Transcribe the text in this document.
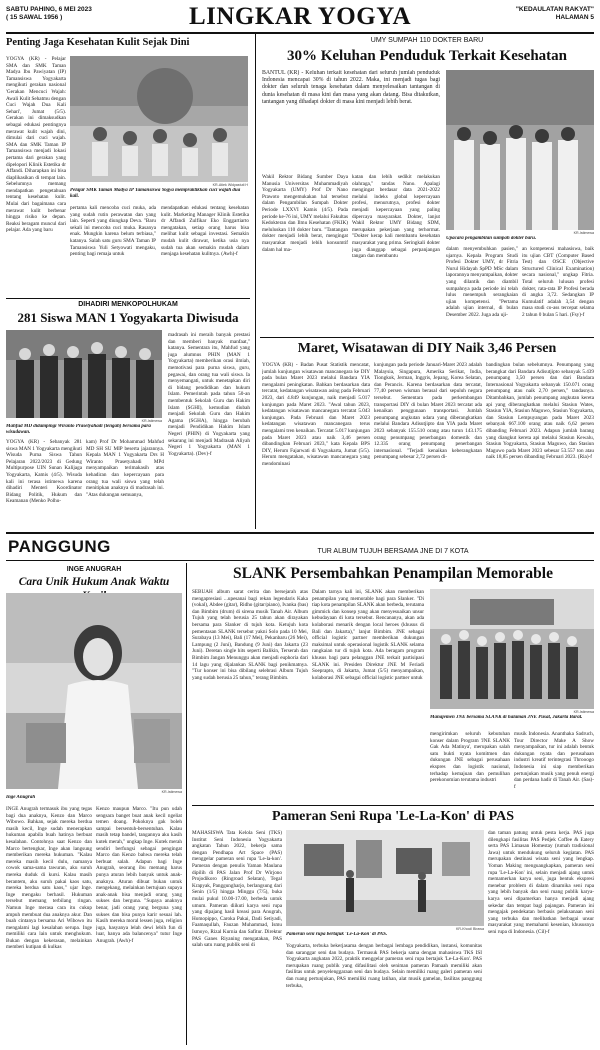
SABTU PAHING, 6 MEI 2023
( 15 SAWAL 1956 )	LINGKAR YOGYA	"KEDAULATAN RAKYAT"
HALAMAN 5
Penting Jaga Kesehatan Kulit Sejak Dini
YOGYA (KR) - Pelajar SMA dan SMK Taman Madya Ibu Pawiyatan (IP) Tamansiswa Yogyakarta mengikuti gerakan nasional 'Gerakan Mencuci Wajah: Awali Kulit Sehatmu dengan Cuci Wajah Dua Kali Sehari', Jumat (5/5). Gerakan ini dimaksudkan sebagai edukasi pentingnya merawat kulit wajah dini, dimulai dari cuci wajah. SMA dan SMK Taman IP Tamansiswa menjadi lokasi pertama dari gerakan yang dipelopori Klinik Estetika dr Affandi. Diharapkan ini bisa diaplikasikan di tempat lain. Sebelumnya memang mendapatkan pengetahuan tentang kesehatan kulit. Mulai dari bagaimana cara merawat kulit berbenar hingga risiko ke depan. Reaksi beragam muncul dari pelajar. Ada yang baru
KR-Atiek Widyastuti H
Pelajar SMK Taman Madya IP Tamansiswa Yogya mempraktikkan cuci wajah dua kali.
pertama kali mencoba cuci muka, ada yang sudah rutin perawatan dan yang lain. Seperti yang diungkap Deva. "Baru sekali ini mencoba cuci muka. Rasanya enak. Mungkin karena belum terbiasa," katanya. Salah satu guru SMA Taman IP Tamansiswa Yuli Setyowati mengaku, penting bagi remaja untuk
mendapatkan edukasi tentang kesehatan kulit. Marketing Manager Klinik Estetika dr Affandi Zulfikar Eko Enggartiarto mengatakan, setiap orang harus bisa melihat kulit sebagai investasi. Semakin mudah kulit dirawat, ketika usia nya sudah tua akan semakin mudah dalam menjaga kesehatan kulitnya. (Awh)-f
DIHADIRI MENKOPOLHUKAM
281 Siswa MAN 1 Yogyakarta Diwisuda
KR-Istimewa
Mahfud MD didampingi Wiranto Prasetyahadi (tengah) bersama para wisudawan.
YOGYA (KR) - Sebanyak 281 siswa MAN 1 Yogyakarta mengikuti Wisuda Purna Siswa Tahun Pelajaran 2022/2023 di Gedung Multipurpose UIN Sunan Kalijaga Yogyakarta, Kamis (4/5). Wisuda kali ini terasa istimewa karena dihadiri Menteri Koordinator Bidang Politik, Hukum dan Keamanan (Menko Polhu-
kam) Prof Dr Mohammad Mahfud MD SH SU MIP beserta jajarannya. Kepala MAN 1 Yogyakarta Drs H Wiranto Prasetyahadi MPd menyampaikan terimakasih atas kehadiran dan kepercayaan para orang tua wali siswa yang telah menitipkan anaknya di madrasah ini. "Atas dukungan semuanya,
madrasah ini meraih banyak prestasi dan memberi banyak manfaat," katanya. Sementara itu, Mahfud yang juga alumnus PHIN (MAN 1 Yogyakarta) memberikan orasi ilmiah, memotivasi para purna siswa, guru, pegawai, dan orang tua wali siswa. Ia menyemangati, untuk menetapkan diri di bidang pendidikan dan hukum Islam. Pemerintah pada tahun 50-an membentuk Sekolah Guru dan Hakim Islam (SGHI), kemudian diubah menjadi Sekolah Guru dan Hakim Agama (SGHA), hingga berubah menjadi Pendidikan Hakim Islam Negeri (PHIN) di Yogyakarta yang sekarang ini menjadi Madrasah Aliyah Negeri 1 Yogyakarta (MAN 1 Yogyakarta). (Dev)-f
UMY SUMPAH 110 DOKTER BARU
30% Keluhan Penduduk Terkait Kesehatan
BANTUL (KR) - Keluhan terkait kesehatan dari seluruh jumlah penduduk Indonesia mencapai 30% di tahun 2022. Maka, ini menjadi tugas bagi dokter dan seluruh tenaga kesehatan dalam menyelesaikan tantangan di dunia kesehatan di masa kini dan masa yang akan datang. Bisa ditakutkan, tantangan yang dihadapi dokter di masa kini menjadi lebih berat.
KR-Istimewa
Upacara pengambilan sumpah dokter baru.
Wakil Rektor Bidang Sumber Daya Manusia Universitas Muhammadiyah Yogyakarta (UMY) Prof Dr Nano Prawoto mengemukakan hal tersebut dalam Pengambilan Sumpah Dokter Periode LXXVI Kamis (4/5). Pada periode ke-76 ini, UMY melalui Fakultas Kedokteran dan Ilmu Kesehatan (FKIK) meluluskan 110 dokter baru. "Tantangan dokter menjadi lebih berat, mengingat masyarakat menjadi lebih konsumtif dalam hal ma-
katan dan lebih sedikit melakukan olahraga," tandas Nano. Apalagi mengingat berdasar data 2021-2022 melalui indeks global kepercayaan profesi, menurutnya, profesi dokter menjadi kepercayaan yang paling dipercaya masyarakat. Dokter, lanjut Wakil Rektor UMY Bidang SDM, merupakan pekerjaan yang terhormat. "Dokter kerap kali membantu kesehatan masyarakat yang prima. Seringkali dokter juga dianggap sebagai perpanjangan tangan dan membantu
dalam menyembuhkan pasien," ujarnya. Kepala Program Studi Profesi Dokter UMY, dr Fitria Nurul Hidayah SpPD MSc dalam laporannya menyampaikan, dokter yang dilantik dan diambil sumpahnya pada periode ini telah lulus menempuh serangkaian ujian kompetensi. "Pertama adalah ujian internal, di bulan Desember 2022. Juga ada uji-
an kompetensi mahasiswa, baik itu ujian CBT (Computer Based Test) dan OSCE (Objective Structured Clinical Examination) secara nasional," ungkap Fitria. Total seluruh lulusan profesi dokter, rata-rata IP Profesi berada di angka 3,72. Sedangkan IP Kumulatif adalah 3,54 dengan masa studi co-ass tercepat selama 2 tahun 0 bulan 5 hari. (Fsy)-f
Maret, Wisatawan di DIY Naik 3,46 Persen
YOGYA (KR) - Badan Pusat Statistik mencatat, jumlah kunjungan wisatawan mancanegara ke DIY pada bulan Maret 2023 melalui Bandara YIA mengalami peningkatan. Bahkan berdasarkan data tercatat, kedatangan wisatawan asing pada Februari 2023, dari 4.849 kunjungan, naik menjadi 5.017 kunjungan pada Maret 2023. "Awal tahun 2023, kedatangan wisatawan mancanegara tercatat 5.043 kunjungan. Pada Februari dan Maret 2023 kedatangan wisatawan mancanegara terus mengalami tren kenaikan. Tercatat 5.017 kunjungan pada Maret 2023 atau naik 3,46 persen dibandingkan Februari 2023," kata Kepala BPS DIY, Herum Fajarwati di Yogyakarta, Jumat (5/5). Herum mengatakan, wisatawan mancanegara yang mendominasi
kunjungan pada periode Januari-Maret 2023 adalah Malaysia, Singapura, Amerika Serikat, India, Tiongkok, Jerman, Inggris, Jepang, Korea Selatan, dan Perancis. Karena berdasarkan data tercatat, 77,40 persen wisman berasal dari sepuluh negara tersebut. Sementara pada perkembangan transportasi DIY di bulan Maret 2023 tercatat ada kenaikan penggunaan transportasi. Jumlah penumpang angkutan udara yang diberangkatkan melalui Bandara Adisutjipto dan YIA pada Maret 2023 sebanyak 155.510 orang atau turun 143.175 orang penumpang penerbangan domestik dan 12.335 orang penumpang penerbangan internasional. "Terjadi kenaikan keberangkatan penumpang sebesar 2,72 persen di-
bandingkan bulan sebelumnya. Penumpang yang berangkat dari Bandara Adisutjipto sebanyak 5.439 penumpang 3,50 persen dan dari Bandara Internasional Yogyakarta sebanyak 150.071 orang penumpang atau naik 2,70 persen," tandasnya. Ditambahkan, jumlah penumpang angkutan kereta api yang diberangkatkan melalui Stasiun Wates, Stasiun YIA, Stasiun Maguwo, Stasiun Yogyakarta, dan Stasiun Lempuyangan pada Maret 2023 sebanyak 667.100 orang atau naik 6,62 persen dibanding Februari 2023. Adapun jumlah barang yang diangkut kereta api melalui Stasiun Kewalu, Stasiun Yogyakarta, Stasiun Maguwo, dan Stasiun Maguwo pada Maret 2023 sebesar 53.557 ton atau naik 18,85 persen dibanding Februari 2023. (Ria)-f
PANGGUNG
INGE ANUGRAH
Cara Unik Hukum Anak Waktu
KR-Istimewa
Inge Anugrah
INGE Anugrah termasuk ibu yang tegas bagi dua anaknya, Kenzo dan Marco Wibowo. Bahkan, sejak mereka berdua masih kecil, Inge sudah menerapkan hukuman apabila buah hatinya berbuat kesalahan. Contohnya saat Kenzo dan Marco bertengkar, Inge akan langsung memberikan mereka hukuman. "Kalau mereka masih kecil dulu, namanya cowok sama-sama tawuran, aku suruh mereka duduk di kursi. Kalau masih berantem, aku suruh pakai kaos satu, mereka berdua satu kaos," ujar Inge. Inge mengaku berhasil. Hukuman tersebut memang terbilang ringan. Namun Inge merasa cara itu cukup ampuh membuat dua anaknya akur. Dan buah cintanya bersama Ari Wibowo itu mengalami lagi kesalahan serupa. Inge memiliki cara lain untuk menghukum. Bukan dengan kekerasan, melainkan memberi kutipan di kulkas
Kenzo maupun Marco. "Itu pun udah sengsara banget buat anak kecil ngeliat temen doang. Pokoknya gak boleh sampai bersentuh-bersentuhan. Kalau masih tetap bandel, tangannya aku kasih kutek merah," ungkap Inge. Kutek merah sendiri berfungsi sebagai pengingat Marco dan Kenzo bahwa mereka telah berbuat salah. Adapun bagi Inge Anugrah, seorang ibu memang harus punya aturan lebih banyak untuk anak-anaknya. Aturan dibuat bukan untuk mengekang, melainkan bertujuan supaya anak-anak bisa menjadi orang yang sukses dan berguna. "Supaya anaknya benar, jadi orang yang berguna yang sukses dan bisa punya karir sesuai lah. Kasih mereka moral lessen juga, religion juga, hasyanya lelah dewi lebih fun di luar, hanya ada balancenya" tutur Inge Anugrah. (Awh)-f
TUR ALBUM TUJUH BERSAMA JNE DI 7 KOTA
SLANK Persembahkan Penampilan Memorable
SEBUAH album sarat cerita dan bersejarah atas mengapresiasi ...upesanai bagi rekan legendaris Kaka (vokal), Abdee (gitar), Ridho (gitar/piano), Ivanka (bas) dan Bimbim (drum) di sirena musik Tanah Air. Album Tujuh yang telah berusia 25 tahun akan dirayakan bersama para Slanker di tujuh kota. Ketujuh kota pementasan SLANK tersebut yakni Solo pada 10 Mei, Surabaya (13 Mei), Bali (17 Mei), Pekanbaru (26 Mei), Lampung (2 Juni), Bandung (9 Juni) dan Jakarta (23 Juni). Deretan single hits seperti Balikin, Terserah dan Bimbim Jangan Menunggu akan menjadi euphoria dari 14 lagu yang dijalankan SLANK bagi penikmatnya. "Tur konser ini bisa dibilang selebrasi Album Tujuh yang sudah berusia 25 tahun," terang Bimbim.
Dalam tarnya kali ini, SLANK akan memberikan penampilan yang memorable bagi para Slanker. "Di tiap kota penampilan SLANK akan berbeda, terutama gimmick dan konsep yang akan menyesuaikan unsur kebudayaan di kota tersebut. Rencananya, akan ada kolaborasi menarik dengan local heroes (khusus di Bali dan Jakarta)," lanjut Bimbim. JNE sebagai official logistic partner memberikan dukungan maksimal untuk operasional logistik SLANK selama rangkaian tur di tujuh kota. Ada beragam program khusus bagi para pelanggan JNE terkait partisipasi SLANK ini. Presiden Direktur JNE M Feriadi Soeprapto, di Jakarta, Jumat (5/5) menyampaikan, kolaborasi JNE sebagai official logistic partner untuk
KR-Istimewa
Manajemen JNE bersama SLANK di halaman JNE Pusat, Jakarta Barat.
mengirimkan seluruh kebutuhan konser dalam Program 'JNE SLANK Gak Ada Matinya', merupakan salah satu bukti nyata komitmen dan dukungan JNE sebagai perusahaan ekspres dan logistik nasional, terhadap kemajuan dan pemulihan perekonomian terutama industri
musik Indonesia. Ananthaka Sadruch, Tour Director Make A Show menyampaikan, tur ini adalah bentuk dukungan nyata dan perusahaan industri kreatif terintegrasi Throoogo Indonesia ini siap memberikan pertunjukan musik yang penuh energi dan perdana hadir di Tanah Air. (Sas)-f
Pameran Seni Rupa 'Le-La-Kon' di PAS
MAHASISWA Tata Kelola Seni (TKS) Institut Seni Indonesia Yogyakarta angkatan Tahun 2022, bekerja sama dengan Pendhapa Art Space (PAS) menggelar pameran seni rupa 'Le-la-kon'. Pameran dengan penulis Yaman Maulana dipilih di PAS Jalan Prof Dr Wirjono Projodikoro (Ringroad Selatan), Tegal Krapyak, Panggungharjo, berlangsung dari Senin (1/5) hingga Minggu (7/5), buka mulai pukul 10.00-17.00, berbeda untuk umum. Pameran diikuti karya seni rupa yang dipajang hasil kreasi para Anugrah, Homopippo, Caroka Pakai, Dadi Setiyadi, Faamaqullah, Fauzan Muhammad, Ismu Ismoyo, Rizal Kurnia dan Safitur. Direktur PAS Ganes Riyaning mengatakan, PAS salah satu ruang publik seni di
KR-Khocil Birawa
Pameran seni rupa bertajuk 'Le-La-Kon' di PAS.
Yogyakarta, terbuka bekerjasama dengan berbagai lembaga pendidikan, instansi, komunitas dan saranggar seni dan budaya. Termasuk PAS bekerja sama dengan mahasiswa TKS ISI Yogyakarta angkatan 2022, praktik menggelar pameran seni rupa bertajuk 'Le-La-Kon'. PAS merupakan ruang publik yang difasilitasi oleh seniman pameran Pamaah memiliki akan fasilitas untuk penyelenggaraan seni dan budaya. Selain memiliki ruang galeri pameran seni dan ruang pertunjukan, PAS memiliki ruang latihan, alat musik gamelan, fasilitas panggung terbuka,
dan taman patung untuk pesta kerja. PAS juga dilengkapi fasilitas PAS Pedjek Coffee & Eatery serta PAS Limasan Homestay (rumah tradisional Jawa) untuk mendukung seluruh kegiatan. PAS merupakan destinasi wisata seni yang lengkap. Yoman Making menguangkapkan, pameran seni rupa 'Le-La-Kon' ini, selain menjadi ajang untuk memamerkan karya seni, juga bentuk ekspresi menebar problem di dalam dinamika seni rupa yang lebih banyak dan seni ruang publik karya-karya seni dipamerkan hanya menjadi ajang sekedar dan tempat bagi pajangan. Pameran ini mengajak pendekatan berbasis pelaksanaan seni yang terbuka dan melibatkan berbagai unsur masyarakat yang memahami kesenian, khususnya seni rupa di Indonesia. (Cil)-f
